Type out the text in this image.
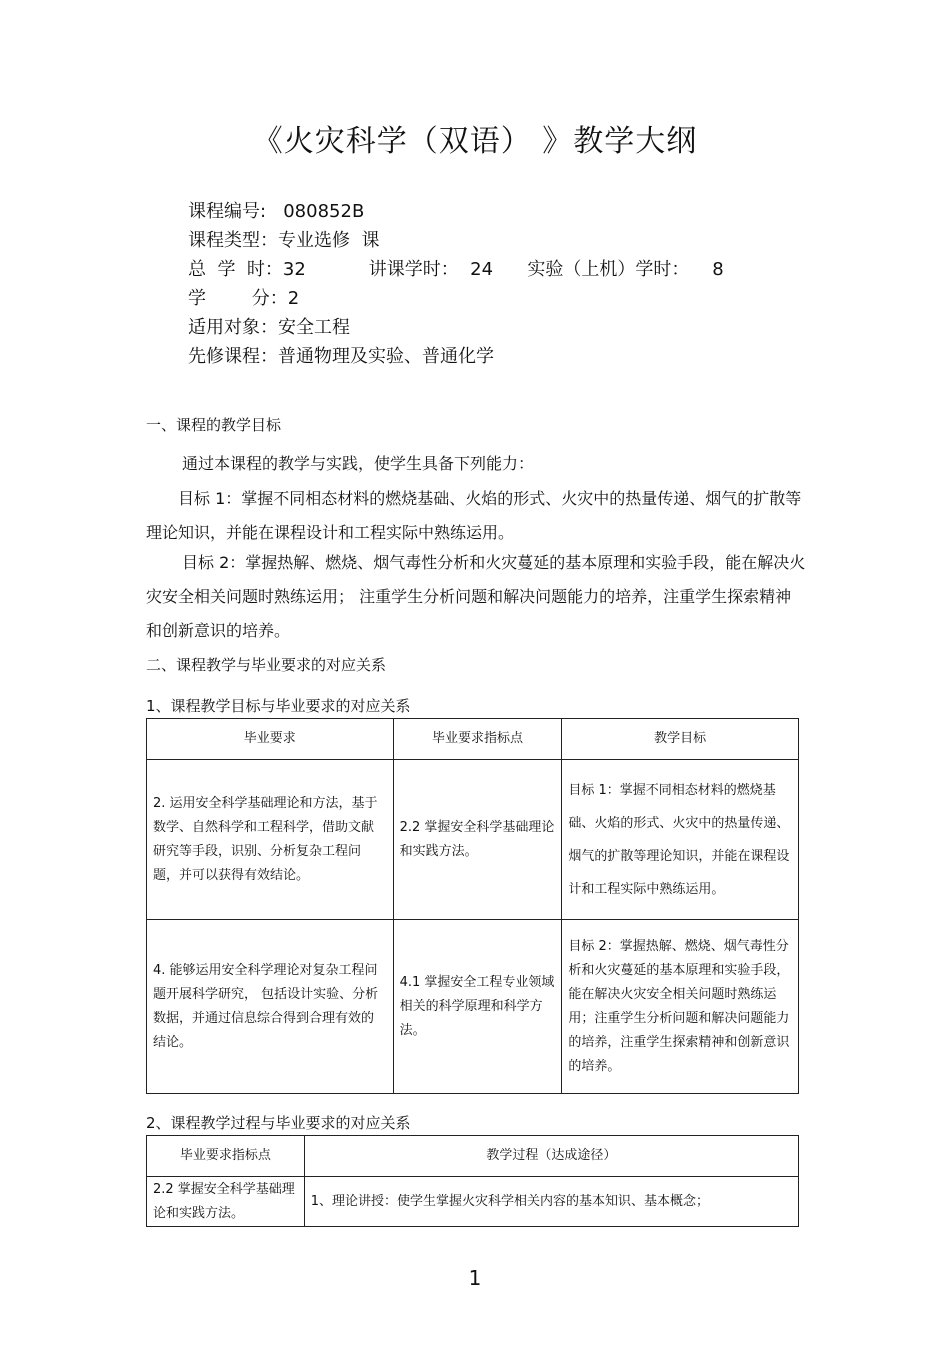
《火灾科学（双语） 》教学大纲
课程编号:   080852B
课程类型：专业选修  课
总  学  时：32           讲课学时：  24      实验（上机）学时：    8
学        分：2
适用对象：安全工程
先修课程：普通物理及实验、普通化学
一、课程的教学目标
通过本课程的教学与实践，使学生具备下列能力：
目标 1：掌握不同相态材料的燃烧基础、火焰的形式、火灾中的热量传递、烟气的扩散等理论知识，并能在课程设计和工程实际中熟练运用。
目标 2：掌握热解、燃烧、烟气毒性分析和火灾蔓延的基本原理和实验手段，能在解决火灾安全相关问题时熟练运用； 注重学生分析问题和解决问题能力的培养，注重学生探索精神和创新意识的培养。
二、课程教学与毕业要求的对应关系
1、课程教学目标与毕业要求的对应关系
毕业要求	毕业要求指标点	教学目标
2. 运用安全科学基础理论和方法，基于数学、自然科学和工程科学，借助文献研究等手段，识别、分析复杂工程问题，并可以获得有效结论。	2.2 掌握安全科学基础理论和实践方法。	目标 1：掌握不同相态材料的燃烧基础、火焰的形式、火灾中的热量传递、烟气的扩散等理论知识，并能在课程设计和工程实际中熟练运用。
4. 能够运用安全科学理论对复杂工程问题开展科学研究， 包括设计实验、分析数据，并通过信息综合得到合理有效的结论。	4.1 掌握安全工程专业领域相关的科学原理和科学方法。	目标 2：掌握热解、燃烧、烟气毒性分析和火灾蔓延的基本原理和实验手段，能在解决火灾安全相关问题时熟练运用；注重学生分析问题和解决问题能力的培养，注重学生探索精神和创新意识的培养。
2、课程教学过程与毕业要求的对应关系
毕业要求指标点	教学过程（达成途径）
2.2 掌握安全科学基础理论和实践方法。	1、理论讲授：使学生掌握火灾科学相关内容的基本知识、基本概念；
1
